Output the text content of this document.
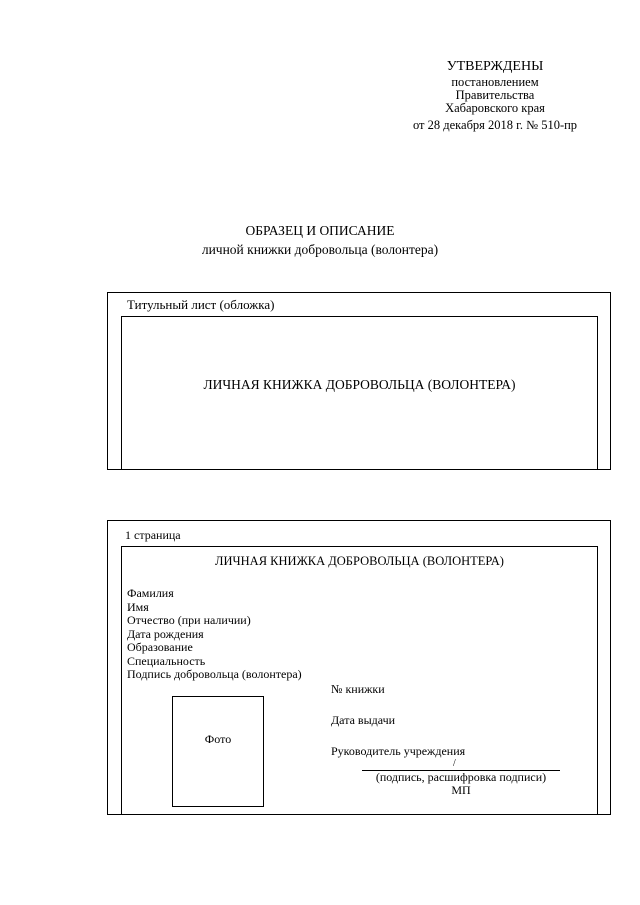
УТВЕРЖДЕНЫ
постановлением
Правительства
Хабаровского края
от 28 декабря 2018 г. № 510-пр
ОБРАЗЕЦ И ОПИСАНИЕ
личной книжки добровольца (волонтера)
Титульный лист (обложка)
ЛИЧНАЯ КНИЖКА ДОБРОВОЛЬЦА (ВОЛОНТЕРА)
1 страница
ЛИЧНАЯ КНИЖКА ДОБРОВОЛЬЦА (ВОЛОНТЕРА)
Фамилия
Имя
Отчество (при наличии)
Дата рождения
Образование
Специальность
Подпись добровольца (волонтера)
Фото
№ книжки
Дата выдачи
Руководитель учреждения
/
(подпись, расшифровка подписи)
МП
